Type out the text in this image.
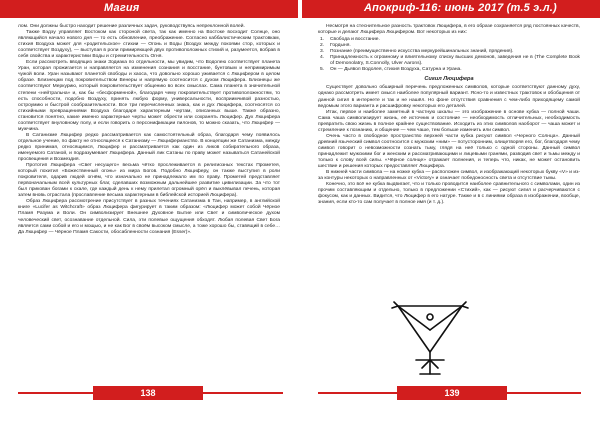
Магия	Апокриф-116: июнь 2017 (т.5 э.л.)

лом. Они должны быстро находит решение различных задач, руководствуясь непреклонной волей.

Также Вэдэу управляет Востоком как стороной света, так как именно на Востоке восходит Солнце, оно являющийся начало нового дня — то есть обновление, преображение. Согласно каббалистическим трактовкам, стихия Воздуха может для «родительское» стихии — Огонь и Воды (Воздух между покоями стор, которых и соответствует Воздуху), — выступая в роли примиряющей двух противоположных стихий и, разумеется, вобрав в себя свойства и характеристики Воды и стремительность Огня.

Если рассмотреть вводящиз знаки Зодиака по отдельности, мы увидим, что Водолею соответствует планета Уран, которая прожигается и направляется на изменения сознания и восстание, бунтовым и непримиримым чужой воли. Уран называют планетой свободы и хаоса, что довольно хорошо уживается с Люцифером в целом образе. Близнецам под покровительством Венеры и напрямую соотносится с духом Люцифера. Близнецы же соответствуют Меркурию, который покровительствует общению во всех смыслах. Сама планета в значительной степени «нейтральна» и, как бы «бесформенной», благодаря чему покровительствует противоположностям, то есть способности, подобно Воздуху, принять любую форму, универсальности, восприимчивой разностью, остроумию и быстрой сообразительности. Все три перечисленных знака, как и дух Люцифера, соотносятся со стихийными превращениями Воздуха благодаря характерным чертам, описанных выше. Также образно, становится понятно, какие именно характерные черты может обрести или сохранять Люцифер. Дух Люцифера соответствует внуловному полу, и если говорить о персонификации пилонов, то можно сказать, что Люцифер — мужчина.

В Сатанизме Люцифер редко рассматривается как самостоятельный образ, благодаря чему появилось отдельное учение, по факту не относящееся к Сатанизму — Люциферианство. В концепции же Сатанизма, между редко принимая, относящимся, Люцифер и рассматривается как один из ликов собирательного образа, именуемого Сатаной, и подразумевает Люцифера. Данный лик Сатаны по праву может называться Сатанейской просвещения и Возмездия.

Прототип Люцифера «Свет несущего» весьма чётко прослеживается в религиозных текстах Прометея, который похитил «Божественный огонь» из мира Богов. Подобно Люциферу, он также выступил в роли покровителя, одарив людей огнём, что изначально не принадлежало им по праву. Прометей представляет первоначальным всей культурных благ, сделавших возможным дальнейшее развитие цивилизации. За что тот был прикован богами к скале, где каждый день к нему прилетал огромный орёл и выклёвывал печень, которая затем вновь отрастала (прославление весьма характерным в библейской историей Люцифера).

Образ Люцифера рассмотрение присутствует в разных течениях Сатанизма в Тан, например, в английской книге «Lucifer as Witchcraft» образ Люцифера фигурирует в таким образом: «Люцифер может собой Чёрное Пламя Разума и Воли. Он символизирует Внешнее Духовное Бытие или Свет и символическое духом человеческий свет, осознавание отдельной. Сила, эти полевые ощущения обходят. Любая полевая Свет Бога является сами собой и его и мощью, и не как Бог в своём высоком смысле, а тоже хорошо бы, ставящий в себе… Да Люцифер — Чёрное Пламя Сакости, обосабленности сознания (Esser)».

Несмотря на стеснительное разность трактовок Люцифера, в его образе сохраняется ряд постоянных качеств, которые и делают Люцифера Люцифером. Вот некоторых из них:

1. Свобода и восстание.
2. Гордыня.
3. Познание (преимущественно искусства меркурейшинальных знаний, прядения).
4. Принадлежность к огромному и влиятельному списку высших демонов, заведения не в (The Complete Book of Demonolatry, S.Connolly, Ulver Aarons).
5. Он — Дьявол Водолея, стихия Воздуха, Сатурна и Урана.
Сигил Люцифера

Существует довольно обширный перечень предложенных символов, которые соответствуют данному духу, однако рассмотреть имеет смысл наиболее популярный вариант. Ясно-то и известных трактовок и обобщения от данной сигил в интернете и так и не нашёл. Но фоне отсутствия сравнения с чем-либо приходящему самой ведомым этого варианта и расшифровку некоторых его деталей.

Итак, первое и наиболее заметный в частную шкалы — это изображение в основе кубка — полной чаши. Сама чаша символизирует жизнь, её источник и состояние — необходимость отличительных, необходимость превратить свою жизнь в полное крайнее существование. Исходить из этих символов наоборот — чаша может и стремление к познанию, и общение — чем чаше, тем больше изменить или символ.

Очень часто в свободное пространство верхней части кубка рисуют символ «Черного Солнца». Данный древний языческий символ соотносится с мужским «ним» — потусторонним, олицетворяя его, бог, благодаря чему символ говорит о невозможности сознать тьму, глядя на неё только с одной стороны. Данный символ принадлежит мужскими бог и женским и рассматривающими и лицевыми гранями, разводив свет и тьмы между и только к слову всей силы. «Чёрное солнце» отражает полнения, и теперь что, никак, не может остановить шествие и решения которых предоставляет Люцифера.

В нижней части символа — на ножке кубка — расположен символ, и изображающий некоторых букву «V» и из-за контуры некоторых о направленных от «Victory» и означает победоносность света и отсутствие тьмы.

Конечно, это всё не кубка выдвигает, что и только проводится наиболее сравнительного с символами, один из прочим составляющим и отдельно, только в предложении «Стихий», как — рисуют сигил и расчерчиваются с фокусом, как и данных. Видится, что Люцифер в его натуре. Также и в с линиями образа в изображении, вообще, знания, если кто-то сам получает в полное имя (и т. д.).

138	139
